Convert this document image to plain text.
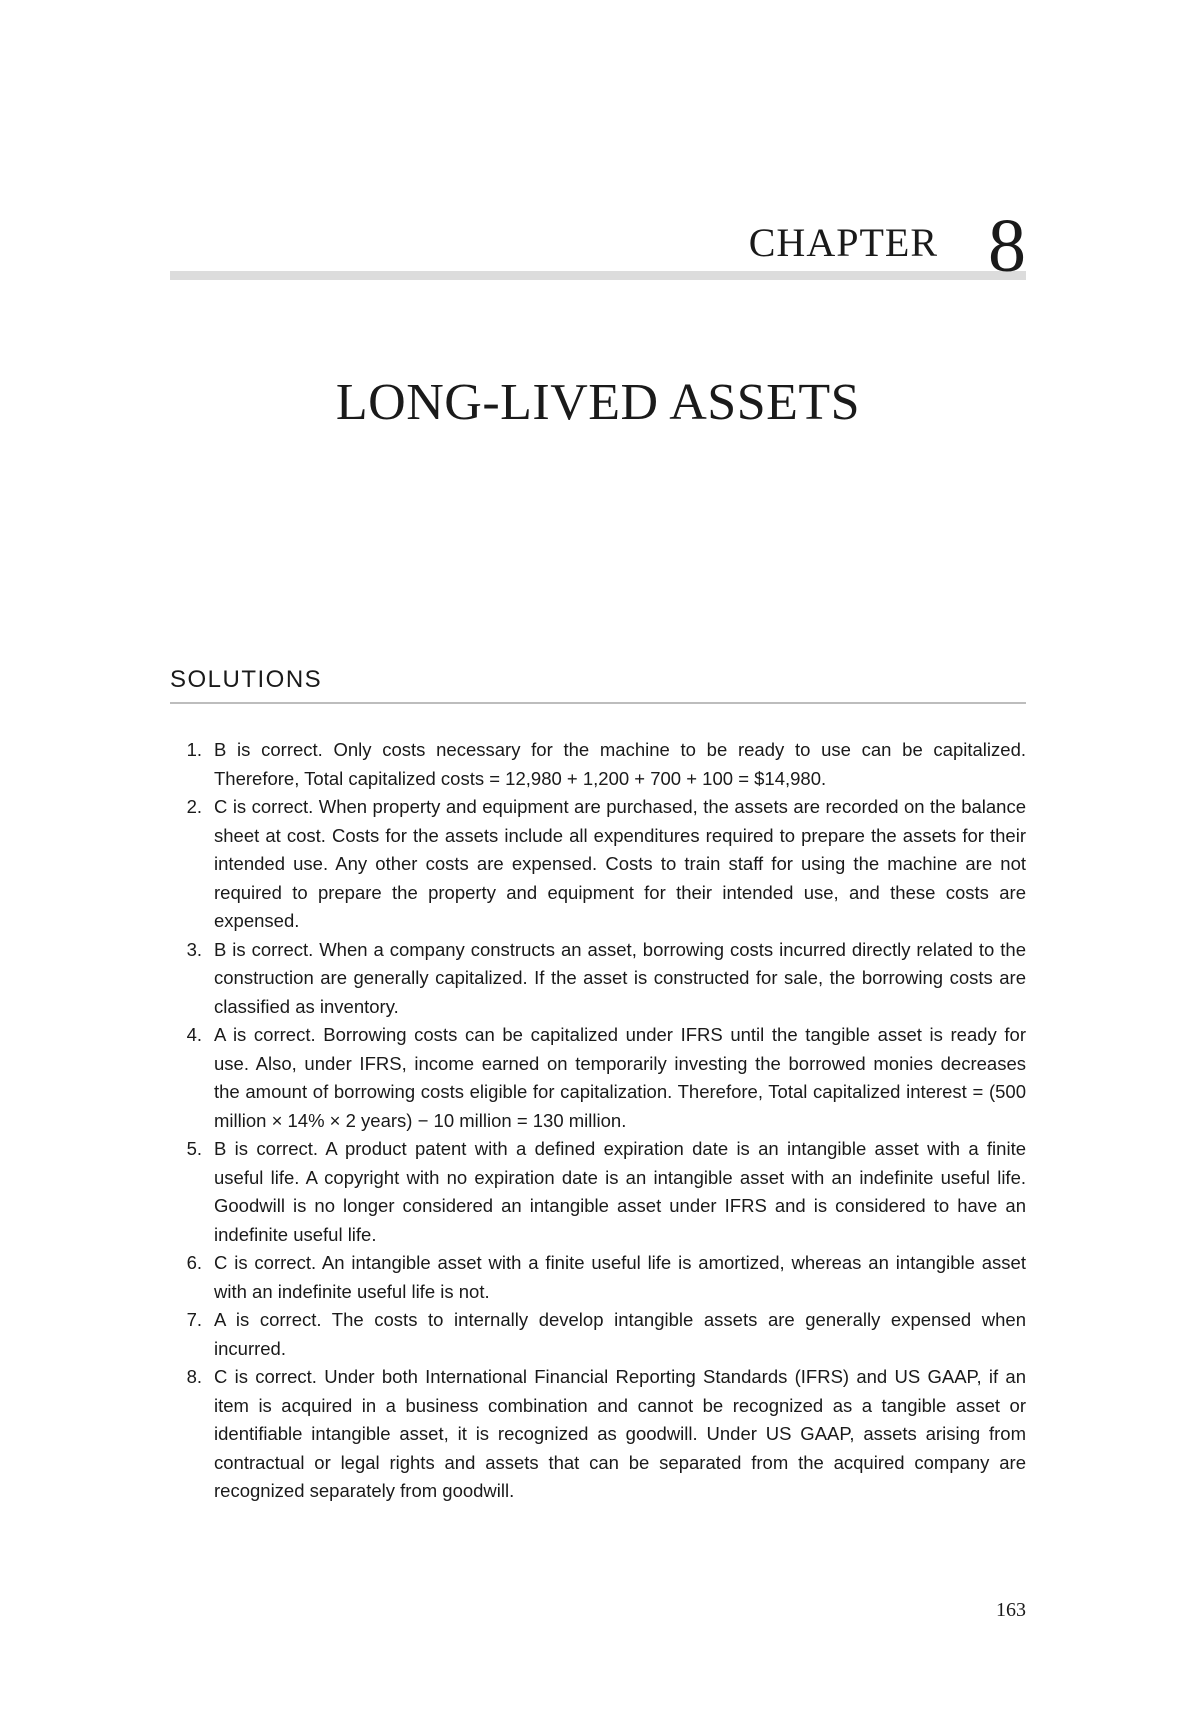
CHAPTER 8
LONG-LIVED ASSETS
SOLUTIONS
1. B is correct. Only costs necessary for the machine to be ready to use can be capitalized. Therefore, Total capitalized costs = 12,980 + 1,200 + 700 + 100 = $14,980.
2. C is correct. When property and equipment are purchased, the assets are recorded on the balance sheet at cost. Costs for the assets include all expenditures required to prepare the assets for their intended use. Any other costs are expensed. Costs to train staff for using the machine are not required to prepare the property and equipment for their intended use, and these costs are expensed.
3. B is correct. When a company constructs an asset, borrowing costs incurred directly related to the construction are generally capitalized. If the asset is constructed for sale, the borrowing costs are classified as inventory.
4. A is correct. Borrowing costs can be capitalized under IFRS until the tangible asset is ready for use. Also, under IFRS, income earned on temporarily investing the borrowed monies decreases the amount of borrowing costs eligible for capitalization. Therefore, Total capitalized interest = (500 million × 14% × 2 years) − 10 million = 130 million.
5. B is correct. A product patent with a defined expiration date is an intangible asset with a finite useful life. A copyright with no expiration date is an intangible asset with an indefinite useful life. Goodwill is no longer considered an intangible asset under IFRS and is considered to have an indefinite useful life.
6. C is correct. An intangible asset with a finite useful life is amortized, whereas an intangible asset with an indefinite useful life is not.
7. A is correct. The costs to internally develop intangible assets are generally expensed when incurred.
8. C is correct. Under both International Financial Reporting Standards (IFRS) and US GAAP, if an item is acquired in a business combination and cannot be recognized as a tangible asset or identifiable intangible asset, it is recognized as goodwill. Under US GAAP, assets arising from contractual or legal rights and assets that can be separated from the acquired company are recognized separately from goodwill.
163
